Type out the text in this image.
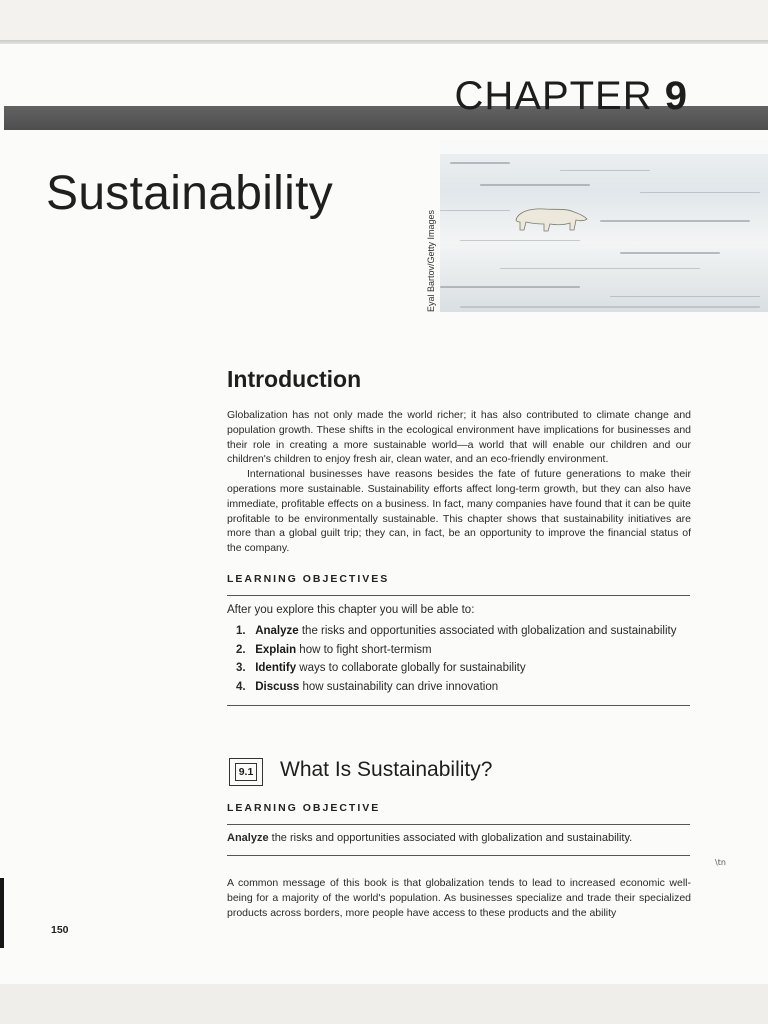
CHAPTER 9
Sustainability
Eyal Bartov/Getty Images
Introduction

Globalization has not only made the world richer; it has also contributed to climate change and population growth. These shifts in the ecological environment have implications for businesses and their role in creating a more sustainable world—a world that will enable our children and our children's children to enjoy fresh air, clean water, and an eco-friendly environment.

International businesses have reasons besides the fate of future generations to make their operations more sustainable. Sustainability efforts affect long-term growth, but they can also have immediate, profitable effects on a business. In fact, many companies have found that it can be quite profitable to be environmentally sustainable. This chapter shows that sustainability initiatives are more than a global guilt trip; they can, in fact, be an opportunity to improve the financial status of the company.

LEARNING OBJECTIVES
After you explore this chapter you will be able to:
1. Analyze the risks and opportunities associated with globalization and sustainability
2. Explain how to fight short-termism
3. Identify ways to collaborate globally for sustainability
4. Discuss how sustainability can drive innovation
9.1 What Is Sustainability?
LEARNING OBJECTIVE
Analyze the risks and opportunities associated with globalization and sustainability.
A common message of this book is that globalization tends to lead to increased economic well-being for a majority of the world's population. As businesses specialize and trade their specialized products across borders, more people have access to these products and the ability
\tn
150
